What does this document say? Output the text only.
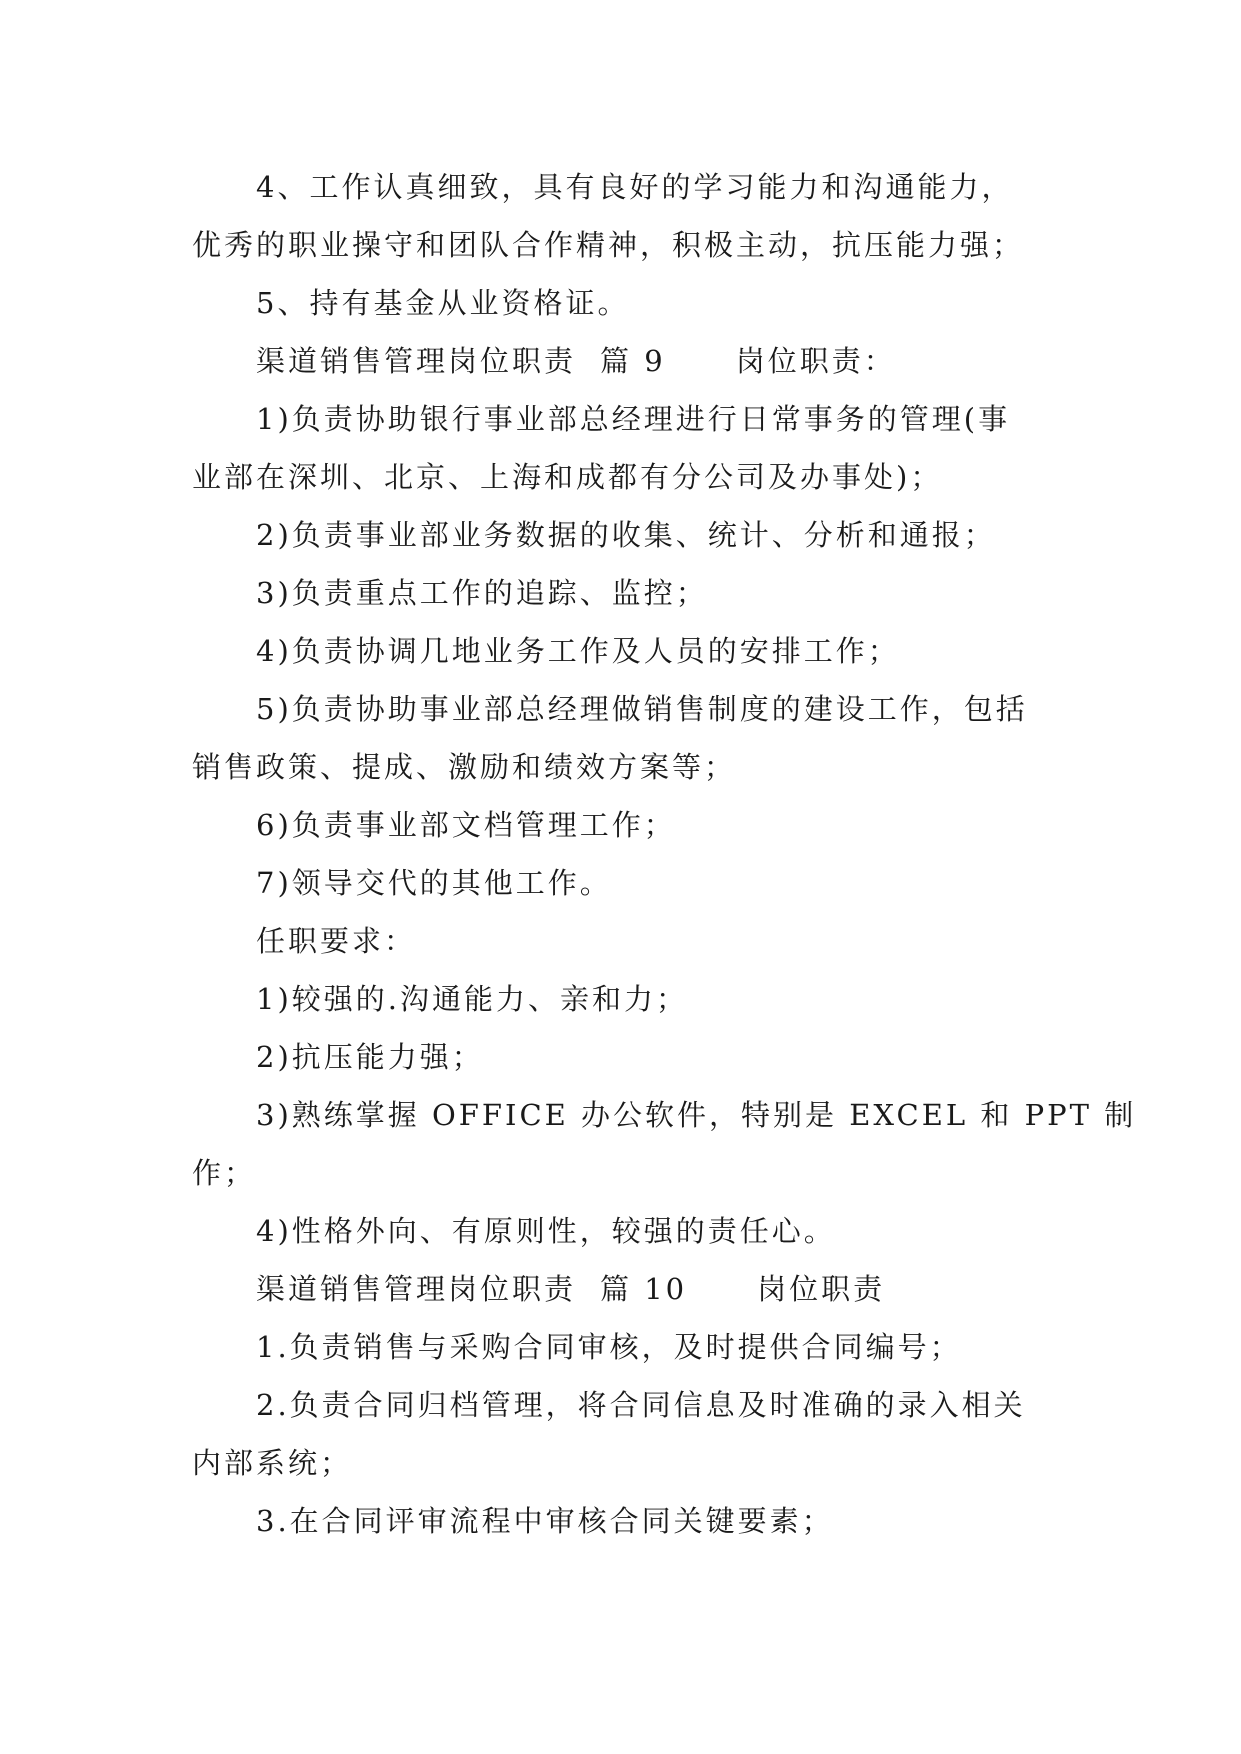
4、工作认真细致，具有良好的学习能力和沟通能力，
优秀的职业操守和团队合作精神，积极主动，抗压能力强；
5、持有基金从业资格证。
渠道销售管理岗位职责 篇 9 岗位职责：
1)负责协助银行事业部总经理进行日常事务的管理(事
业部在深圳、北京、上海和成都有分公司及办事处)；
2)负责事业部业务数据的收集、统计、分析和通报；
3)负责重点工作的追踪、监控；
4)负责协调几地业务工作及人员的安排工作；
5)负责协助事业部总经理做销售制度的建设工作，包括
销售政策、提成、激励和绩效方案等；
6)负责事业部文档管理工作；
7)领导交代的其他工作。
任职要求：
1)较强的.沟通能力、亲和力；
2)抗压能力强；
3)熟练掌握 OFFICE 办公软件，特别是 EXCEL 和 PPT 制
作；
4)性格外向、有原则性，较强的责任心。
渠道销售管理岗位职责 篇 10 岗位职责
1.负责销售与采购合同审核，及时提供合同编号；
2.负责合同归档管理，将合同信息及时准确的录入相关
内部系统；
3.在合同评审流程中审核合同关键要素；
